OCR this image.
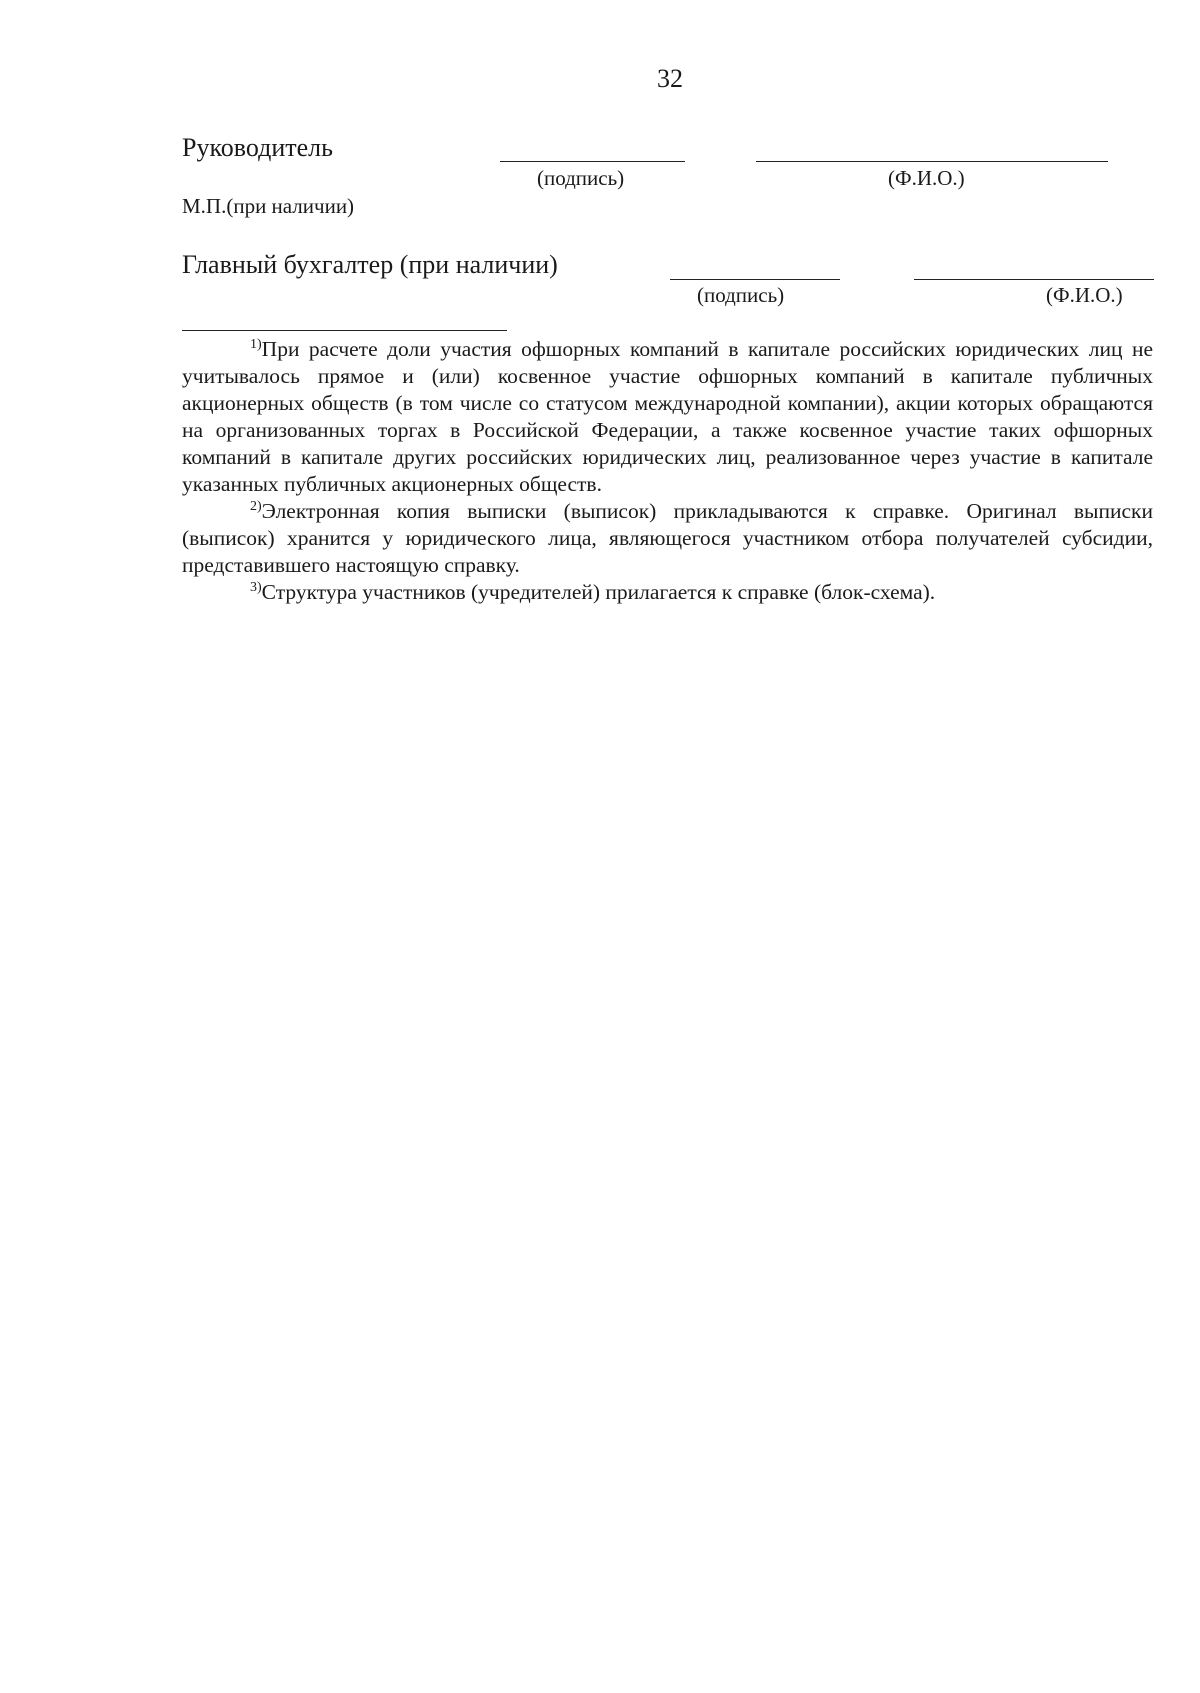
32
Руководитель
(подпись)	(Ф.И.О.)
М.П.(при наличии)
Главный бухгалтер (при наличии)
(подпись)	(Ф.И.О.)

$^{1)}$При расчете доли участия офшорных компаний в капитале российских юридических лиц не учитывалось прямое и (или) косвенное участие офшорных компаний в капитале публичных акционерных обществ (в том числе со статусом международной компании), акции которых обращаются на организованных торгах в Российской Федерации, а также косвенное участие таких офшорных компаний в капитале других российских юридических лиц, реализованное через участие в капитале указанных публичных акционерных обществ.

$^{2)}$Электронная копия выписки (выписок) прикладываются к справке. Оригинал выписки (выписок) хранится у юридического лица, являющегося участником отбора получателей субсидии, представившего настоящую справку.

$^{3)}$Структура участников (учредителей) прилагается к справке (блок-схема).
